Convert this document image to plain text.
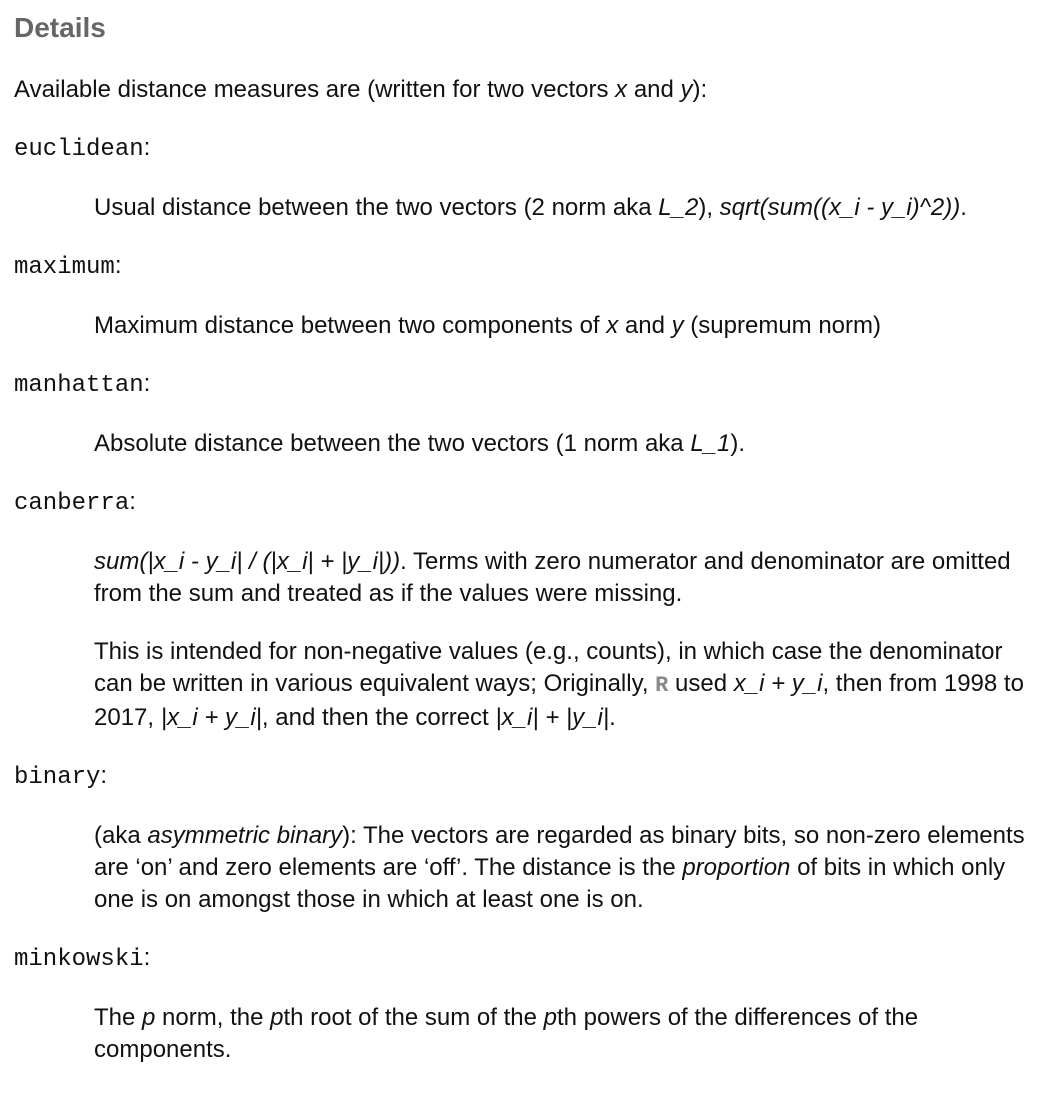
Details

Available distance measures are (written for two vectors x and y):

euclidean:

Usual distance between the two vectors (2 norm aka L_2), sqrt(sum((x_i - y_i)^2)).

maximum:

Maximum distance between two components of x and y (supremum norm)

manhattan:

Absolute distance between the two vectors (1 norm aka L_1).

canberra:

sum(|x_i - y_i| / (|x_i| + |y_i|)). Terms with zero numerator and denominator are omitted from the sum and treated as if the values were missing.

This is intended for non-negative values (e.g., counts), in which case the denominator can be written in various equivalent ways; Originally, R used x_i + y_i, then from 1998 to 2017, |x_i + y_i|, and then the correct |x_i| + |y_i|.

binary:

(aka asymmetric binary): The vectors are regarded as binary bits, so non-zero elements are ‘on’ and zero elements are ‘off’. The distance is the proportion of bits in which only one is on amongst those in which at least one is on.

minkowski:

The p norm, the pth root of the sum of the pth powers of the differences of the components.
